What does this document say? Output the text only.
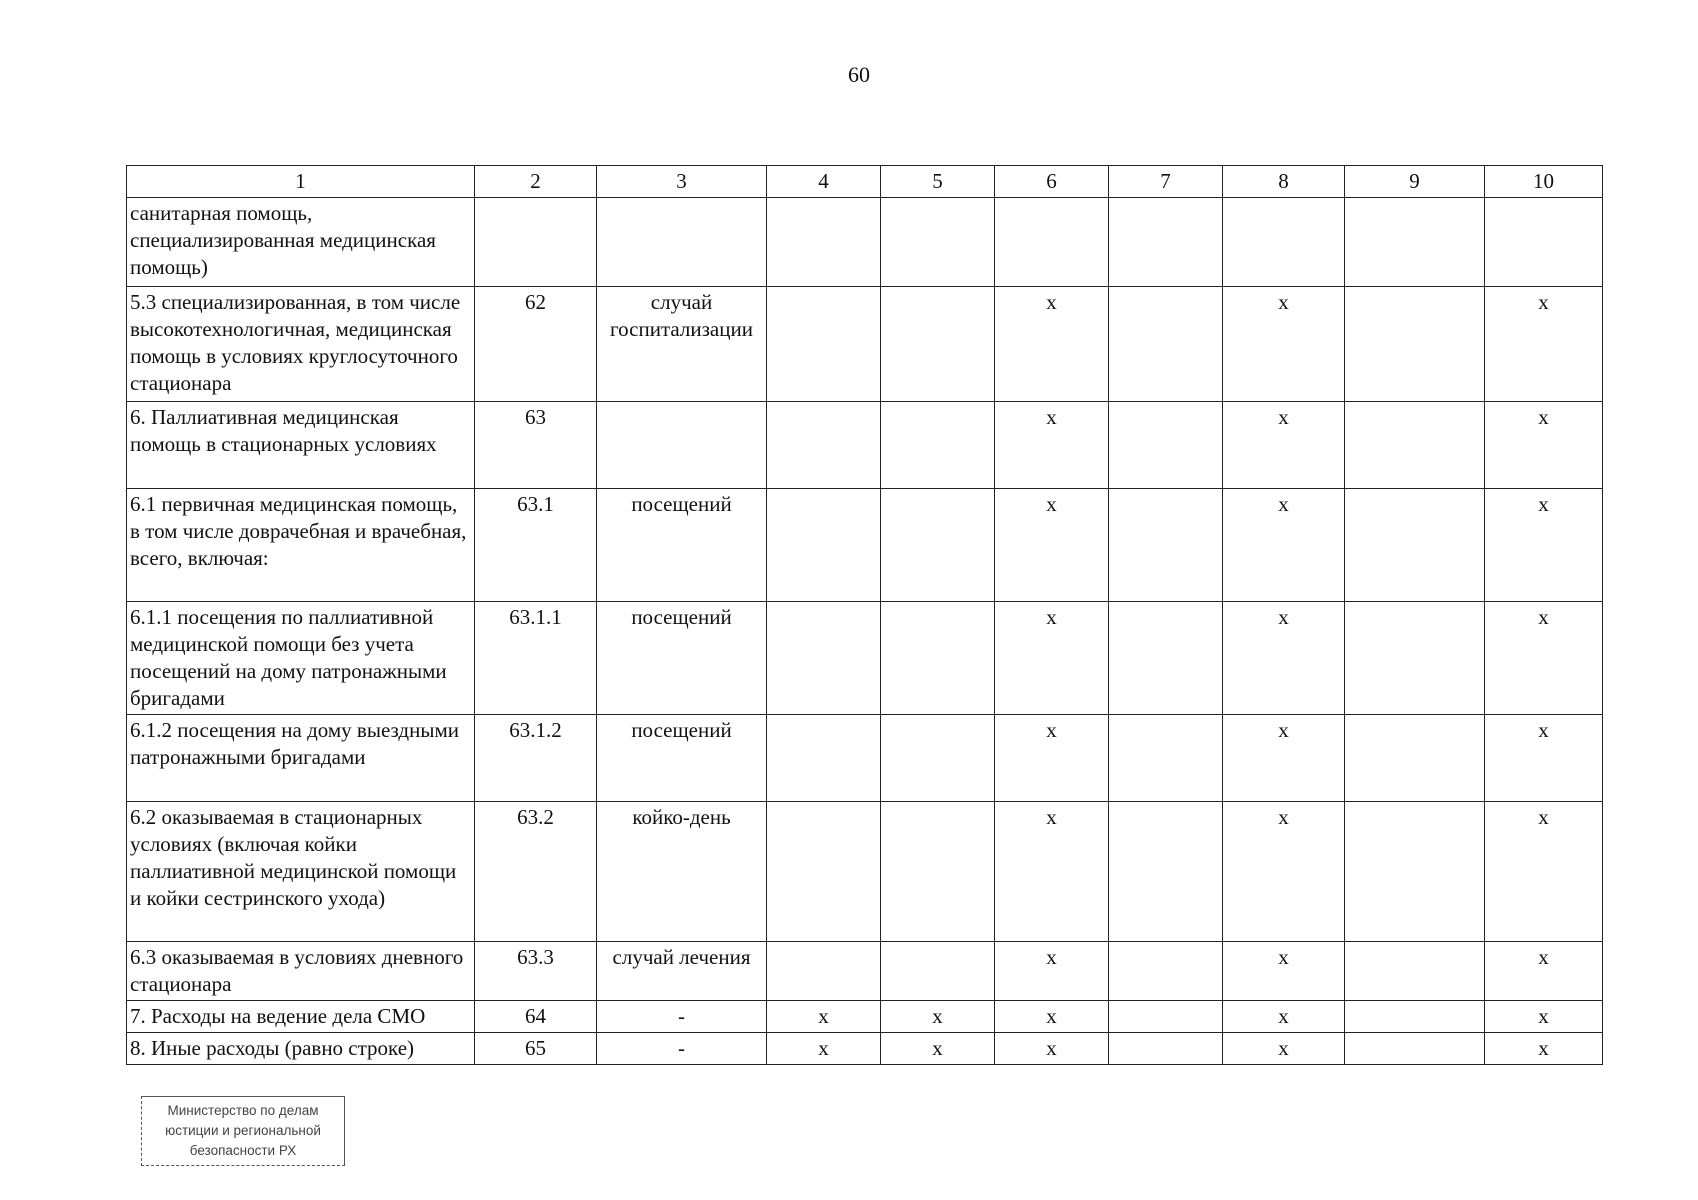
60
1	2	3	4	5	6	7	8	9	10
санитарная помощь, специализированная медицинская помощь)									
5.3 специализированная, в том числе высокотехнологичная, медицинская помощь в условиях круглосуточного стационара	62	случай госпитализации			x		x		x
6. Паллиативная медицинская помощь в стационарных условиях	63				x		x		x
6.1 первичная медицинская помощь, в том числе доврачебная и врачебная, всего, включая:	63.1	посещений			x		x		x
6.1.1 посещения по паллиативной медицинской помощи без учета посещений на дому патронажными бригадами	63.1.1	посещений			x		x		x
6.1.2 посещения на дому выездными патронажными бригадами	63.1.2	посещений			x		x		x
6.2 оказываемая в стационарных условиях (включая койки паллиативной медицинской помощи и койки сестринского ухода)	63.2	койко-день			x		x		x
6.3 оказываемая в условиях дневного стационара	63.3	случай лечения			x		x		x
7. Расходы на ведение дела СМО	64	-	x	x	x		x		x
8. Иные расходы (равно строке)	65	-	x	x	x		x		x
Министерство по делам
юстиции и региональной
безопасности РХ
